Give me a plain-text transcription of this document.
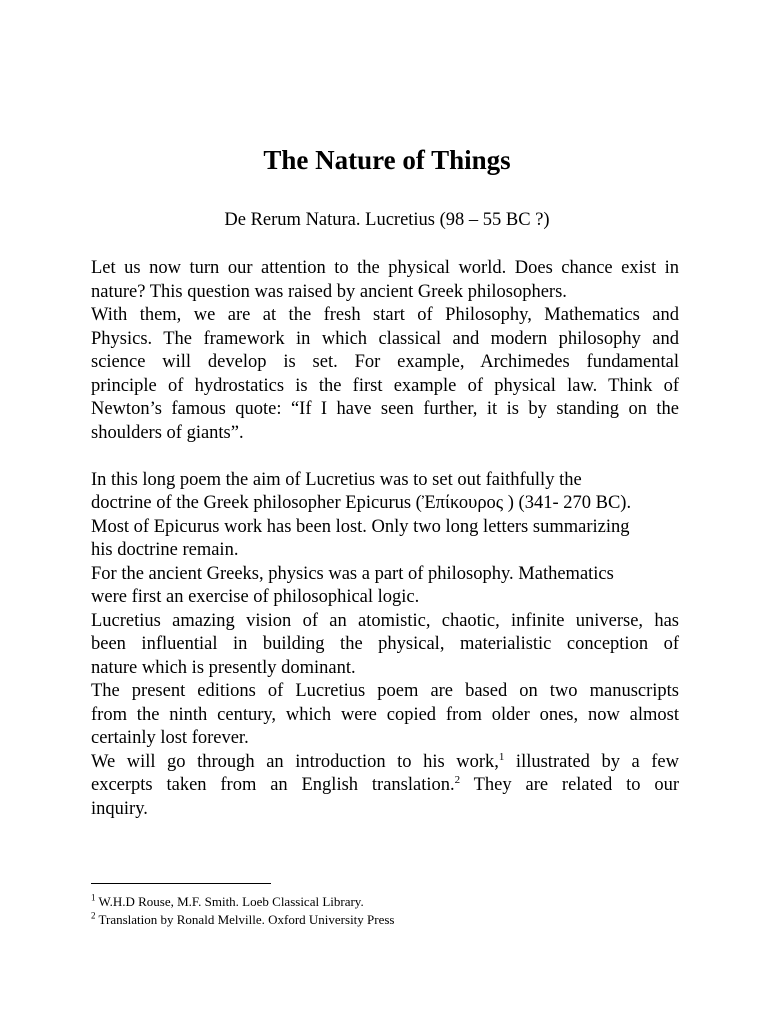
The Nature of Things

De Rerum Natura. Lucretius (98 – 55 BC ?)

Let us now turn our attention to the physical world. Does chance exist in

nature? This question was raised by ancient Greek philosophers.

With them, we are at the fresh start of Philosophy, Mathematics and

Physics. The framework in which classical and modern philosophy and

science will develop is set. For example, Archimedes fundamental

principle of hydrostatics is the first example of physical law. Think of

Newton’s famous quote: “If I have seen further, it is by standing on the

shoulders of giants”.

In this long poem the aim of Lucretius was to set out faithfully the

doctrine of the Greek philosopher Epicurus (Ἐπίκουρος ) (341- 270 BC).

Most of Epicurus work has been lost. Only two long letters summarizing

his doctrine remain.

For the ancient Greeks, physics was a part of philosophy. Mathematics

were first an exercise of philosophical logic.

Lucretius amazing vision of an atomistic, chaotic, infinite universe, has

been influential in building the physical, materialistic conception of

nature which is presently dominant.

The present editions of Lucretius poem are based on two manuscripts

from the ninth century, which were copied from older ones, now almost

certainly lost forever.

We will go through an introduction to his work,$^1$ illustrated by a few

excerpts taken from an English translation.$^2$ They are related to our

inquiry.

$^1$ W.H.D Rouse, M.F. Smith. Loeb Classical Library.

$^2$ Translation by Ronald Melville. Oxford University Press
